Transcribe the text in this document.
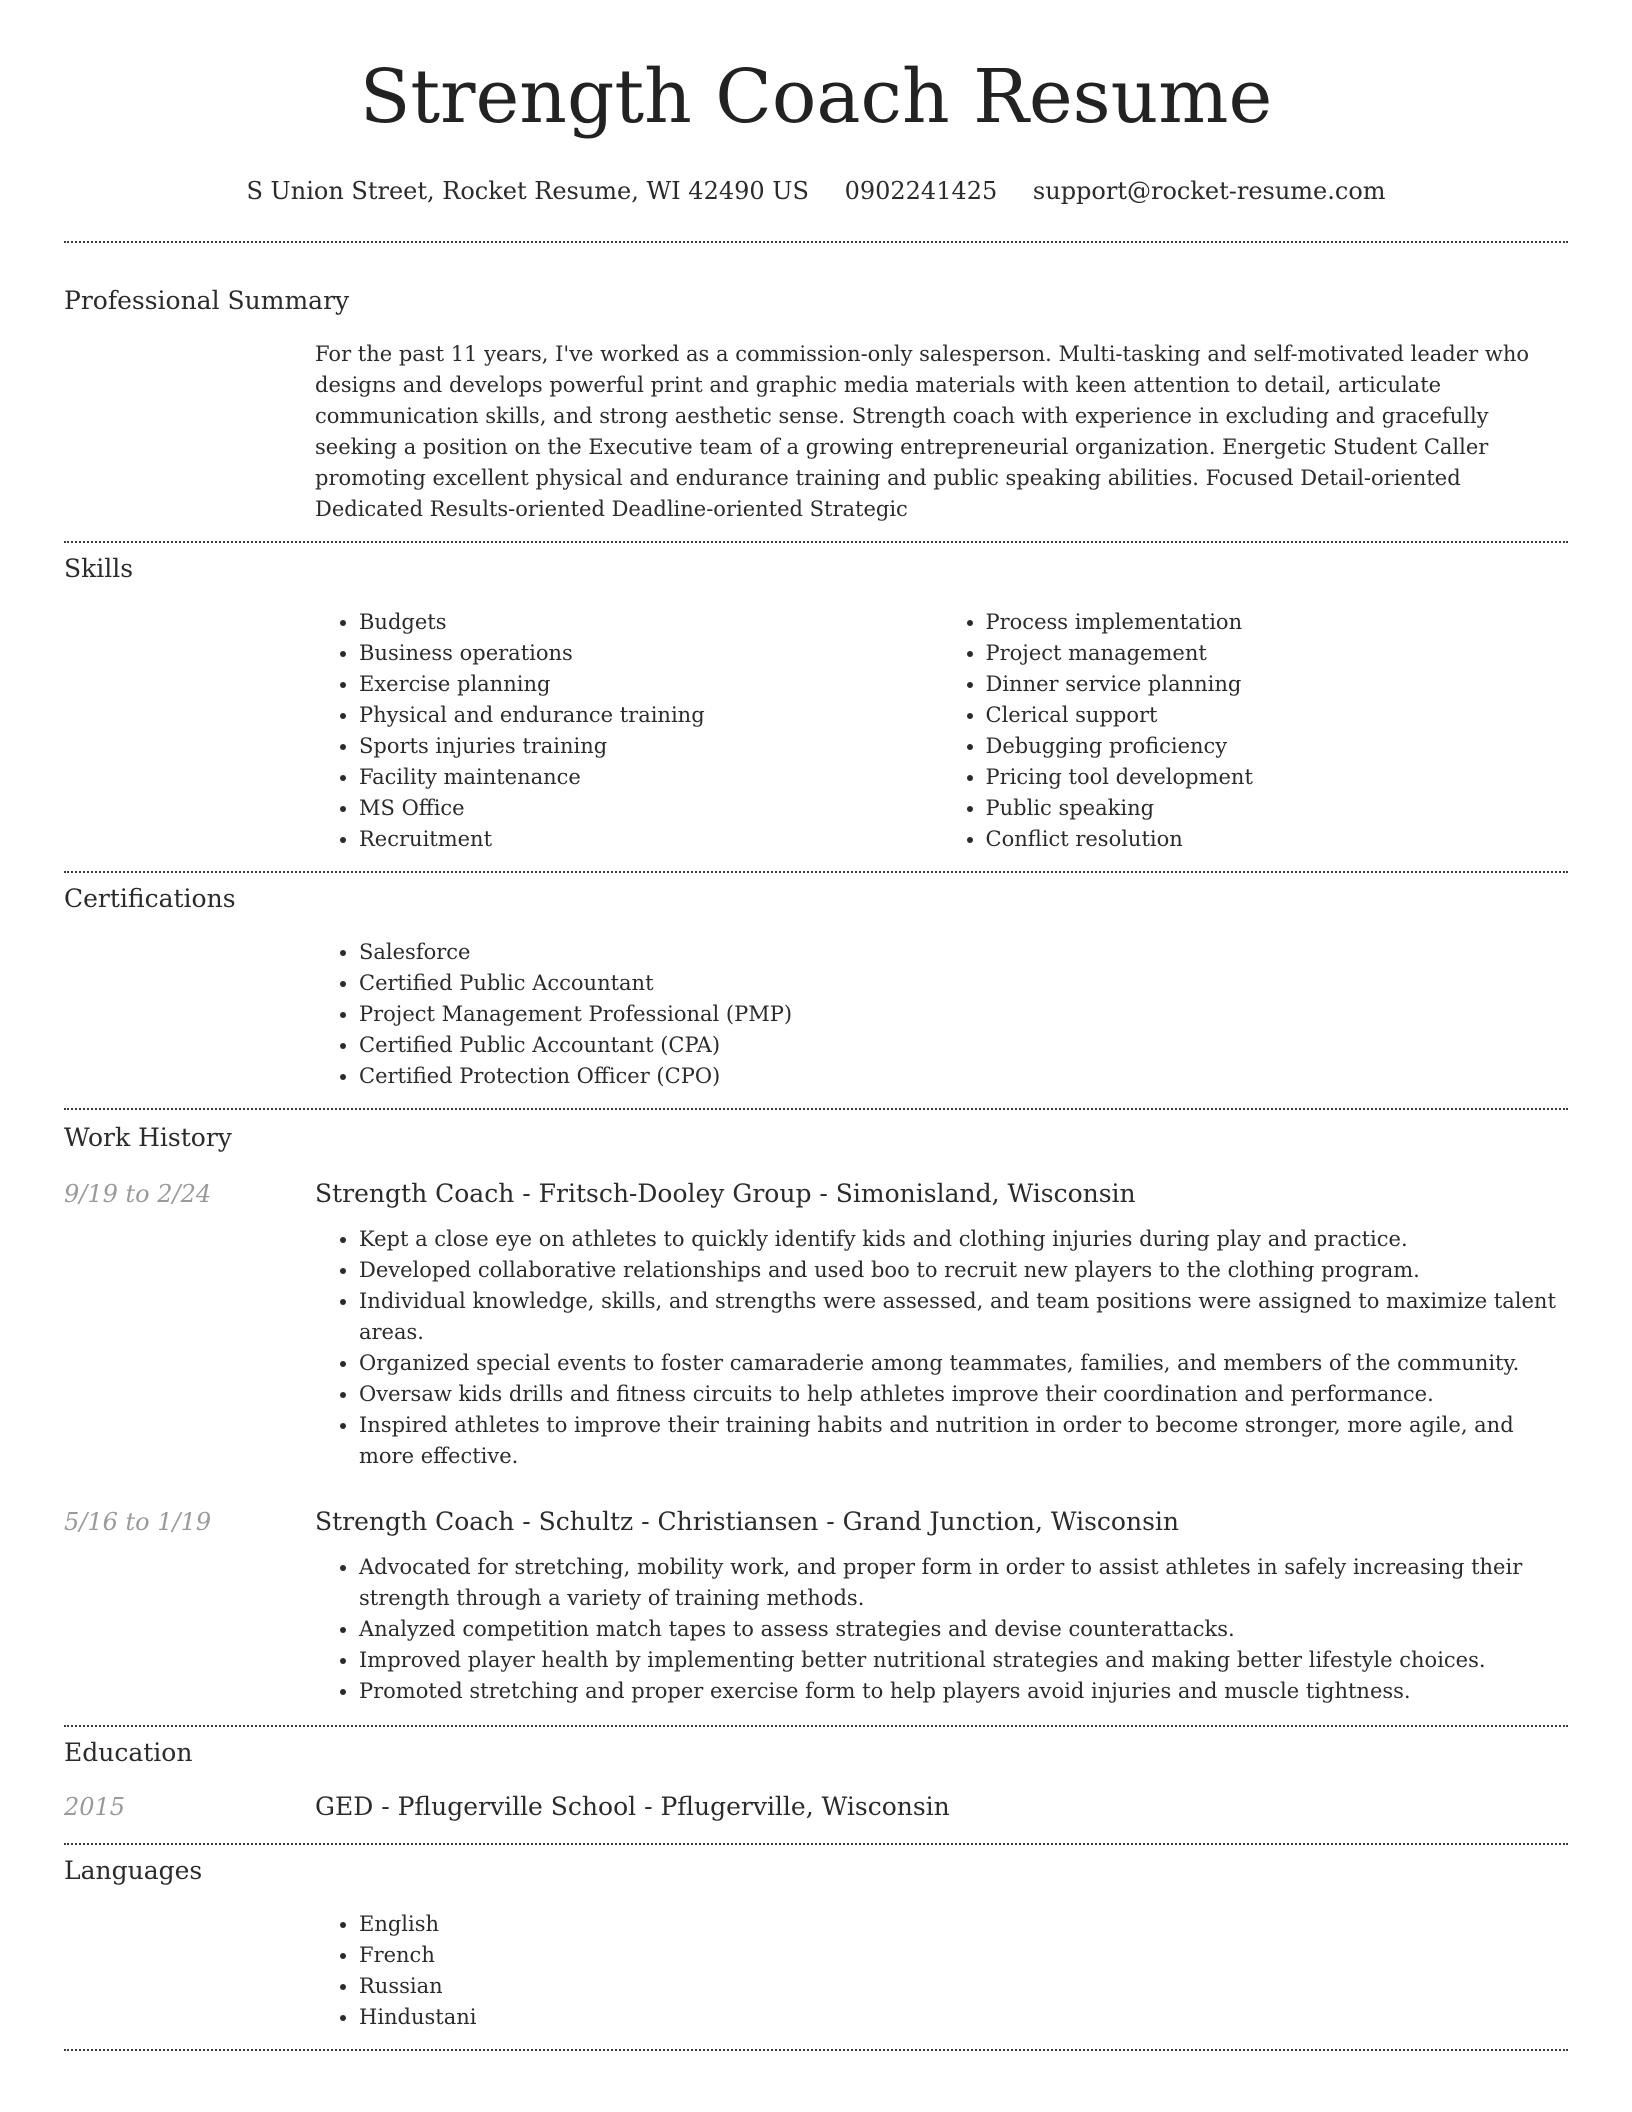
Strength Coach Resume
S Union Street, Rocket Resume, WI 42490 US 0902241425 support@rocket-resume.com
Professional Summary

For the past 11 years, I've worked as a commission-only salesperson. Multi-tasking and self-motivated leader who designs and develops powerful print and graphic media materials with keen attention to detail, articulate communication skills, and strong aesthetic sense. Strength coach with experience in excluding and gracefully seeking a position on the Executive team of a growing entrepreneurial organization. Energetic Student Caller promoting excellent physical and endurance training and public speaking abilities. Focused Detail-oriented Dedicated Results-oriented Deadline-oriented Strategic

Skills
• Budgets
• Business operations
• Exercise planning
• Physical and endurance training
• Sports injuries training
• Facility maintenance
• MS Office
• Recruitment
• Process implementation
• Project management
• Dinner service planning
• Clerical support
• Debugging proficiency
• Pricing tool development
• Public speaking
• Conflict resolution
Certifications
• Salesforce
• Certified Public Accountant
• Project Management Professional (PMP)
• Certified Public Accountant (CPA)
• Certified Protection Officer (CPO)
Work History
9/19 to 2/24	Strength Coach - Fritsch-Dooley Group - Simonisland, Wisconsin
• Kept a close eye on athletes to quickly identify kids and clothing injuries during play and practice.
• Developed collaborative relationships and used boo to recruit new players to the clothing program.
• Individual knowledge, skills, and strengths were assessed, and team positions were assigned to maximize talent areas.
• Organized special events to foster camaraderie among teammates, families, and members of the community.
• Oversaw kids drills and fitness circuits to help athletes improve their coordination and performance.
• Inspired athletes to improve their training habits and nutrition in order to become stronger, more agile, and more effective.
5/16 to 1/19	Strength Coach - Schultz - Christiansen - Grand Junction, Wisconsin
• Advocated for stretching, mobility work, and proper form in order to assist athletes in safely increasing their strength through a variety of training methods.
• Analyzed competition match tapes to assess strategies and devise counterattacks.
• Improved player health by implementing better nutritional strategies and making better lifestyle choices.
• Promoted stretching and proper exercise form to help players avoid injuries and muscle tightness.
Education
2015	GED - Pflugerville School - Pflugerville, Wisconsin
Languages
• English
• French
• Russian
• Hindustani
